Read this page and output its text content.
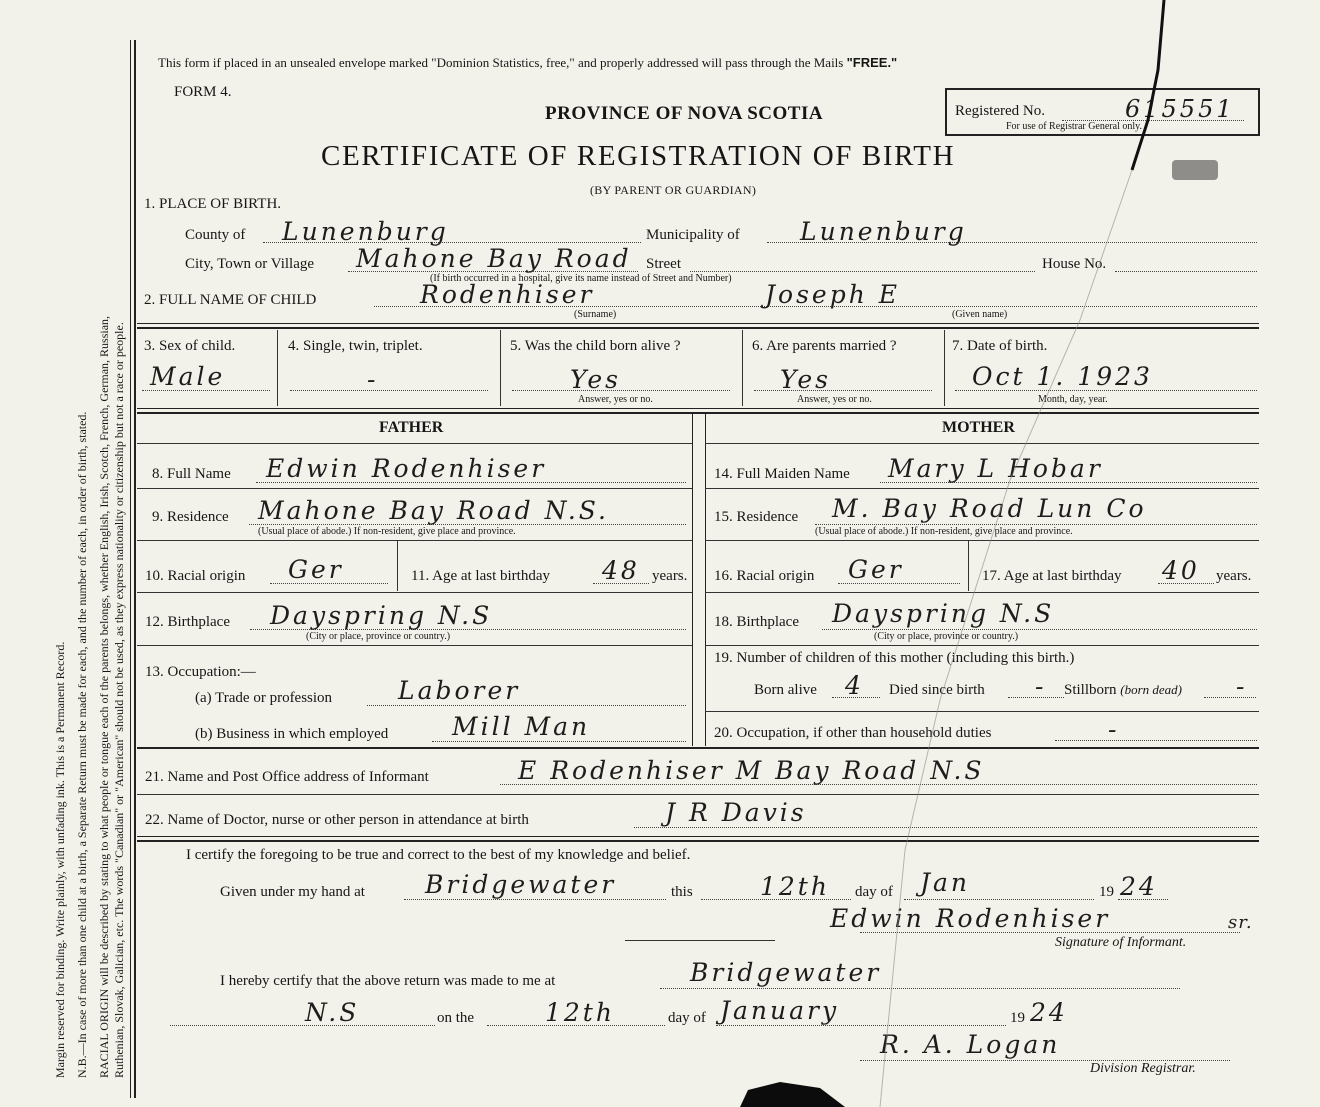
Margin reserved for binding. Write plainly, with unfading ink. This is a Permanent Record. N.B.—In case of more than one child at a birth, a Separate Return must be made for each, and the number of each, in order of birth, stated. RACIAL ORIGIN will be described by stating to what people or tongue each of the parents belongs, whether English, Irish, Scotch, French, German, Russian, Ruthenian, Slovak, Galician, etc. The words "Canadian" or "American" should not be used, as they express nationality or citizenship but not a race or people.
This form if placed in an unsealed envelope marked "Dominion Statistics, free," and properly addressed will pass through the Mails "FREE."
FORM 4.
PROVINCE OF NOVA SCOTIA
CERTIFICATE OF REGISTRATION OF BIRTH
(BY PARENT OR GUARDIAN)
Registered No.	615551
For use of Registrar General only.
1. PLACE OF BIRTH.
County of Lunenburg	Municipality of Lunenburg
City, Town or Village Mahone Bay Road Street	House No.
(If birth occurred in a hospital, give its name instead of Street and Number)
2. FULL NAME OF CHILD	Rodenhiser	Joseph E
(Surname)	(Given name)
3. Sex of child.
Male
4. Single, twin, triplet.
-
5. Was the child born alive ?
Yes
Answer, yes or no.
6. Are parents married ?
Yes
Answer, yes or no.
7. Date of birth.
Oct 1. 1923
Month, day, year.
FATHER	MOTHER
8. Full Name Edwin Rodenhiser
9. Residence Mahone Bay Road N.S.
(Usual place of abode.) If non-resident, give place and province.
10. Racial origin Ger	11. Age at last birthday 48 years.
12. Birthplace Dayspring N.S
(City or place, province or country.)
13. Occupation:—
(a) Trade or profession	Laborer
(b) Business in which employed	Mill Man
14. Full Maiden Name Mary L Hobar
15. Residence M. Bay Road Lun Co
(Usual place of abode.) If non-resident, give place and province.
16. Racial origin Ger	17. Age at last birthday 40 years.
18. Birthplace Dayspring N.S
(City or place, province or country.)
19. Number of children of this mother (including this birth.)
Born alive 4 Died since birth - Stillborn (born dead) -
20. Occupation, if other than household duties	-
21. Name and Post Office address of Informant	E Rodenhiser M Bay Road N.S
22. Name of Doctor, nurse or other person in attendance at birth	J R Davis
I certify the foregoing to be true and correct to the best of my knowledge and belief.
Given under my hand at Bridgewater	this	12th day of Jan	19 24
Edwin Rodenhiser	sr.
Signature of Informant.
I hereby certify that the above return was made to me at	Bridgewater
N.S	on the	12th	day of January	19 24
R. A. Logan
Division Registrar.
